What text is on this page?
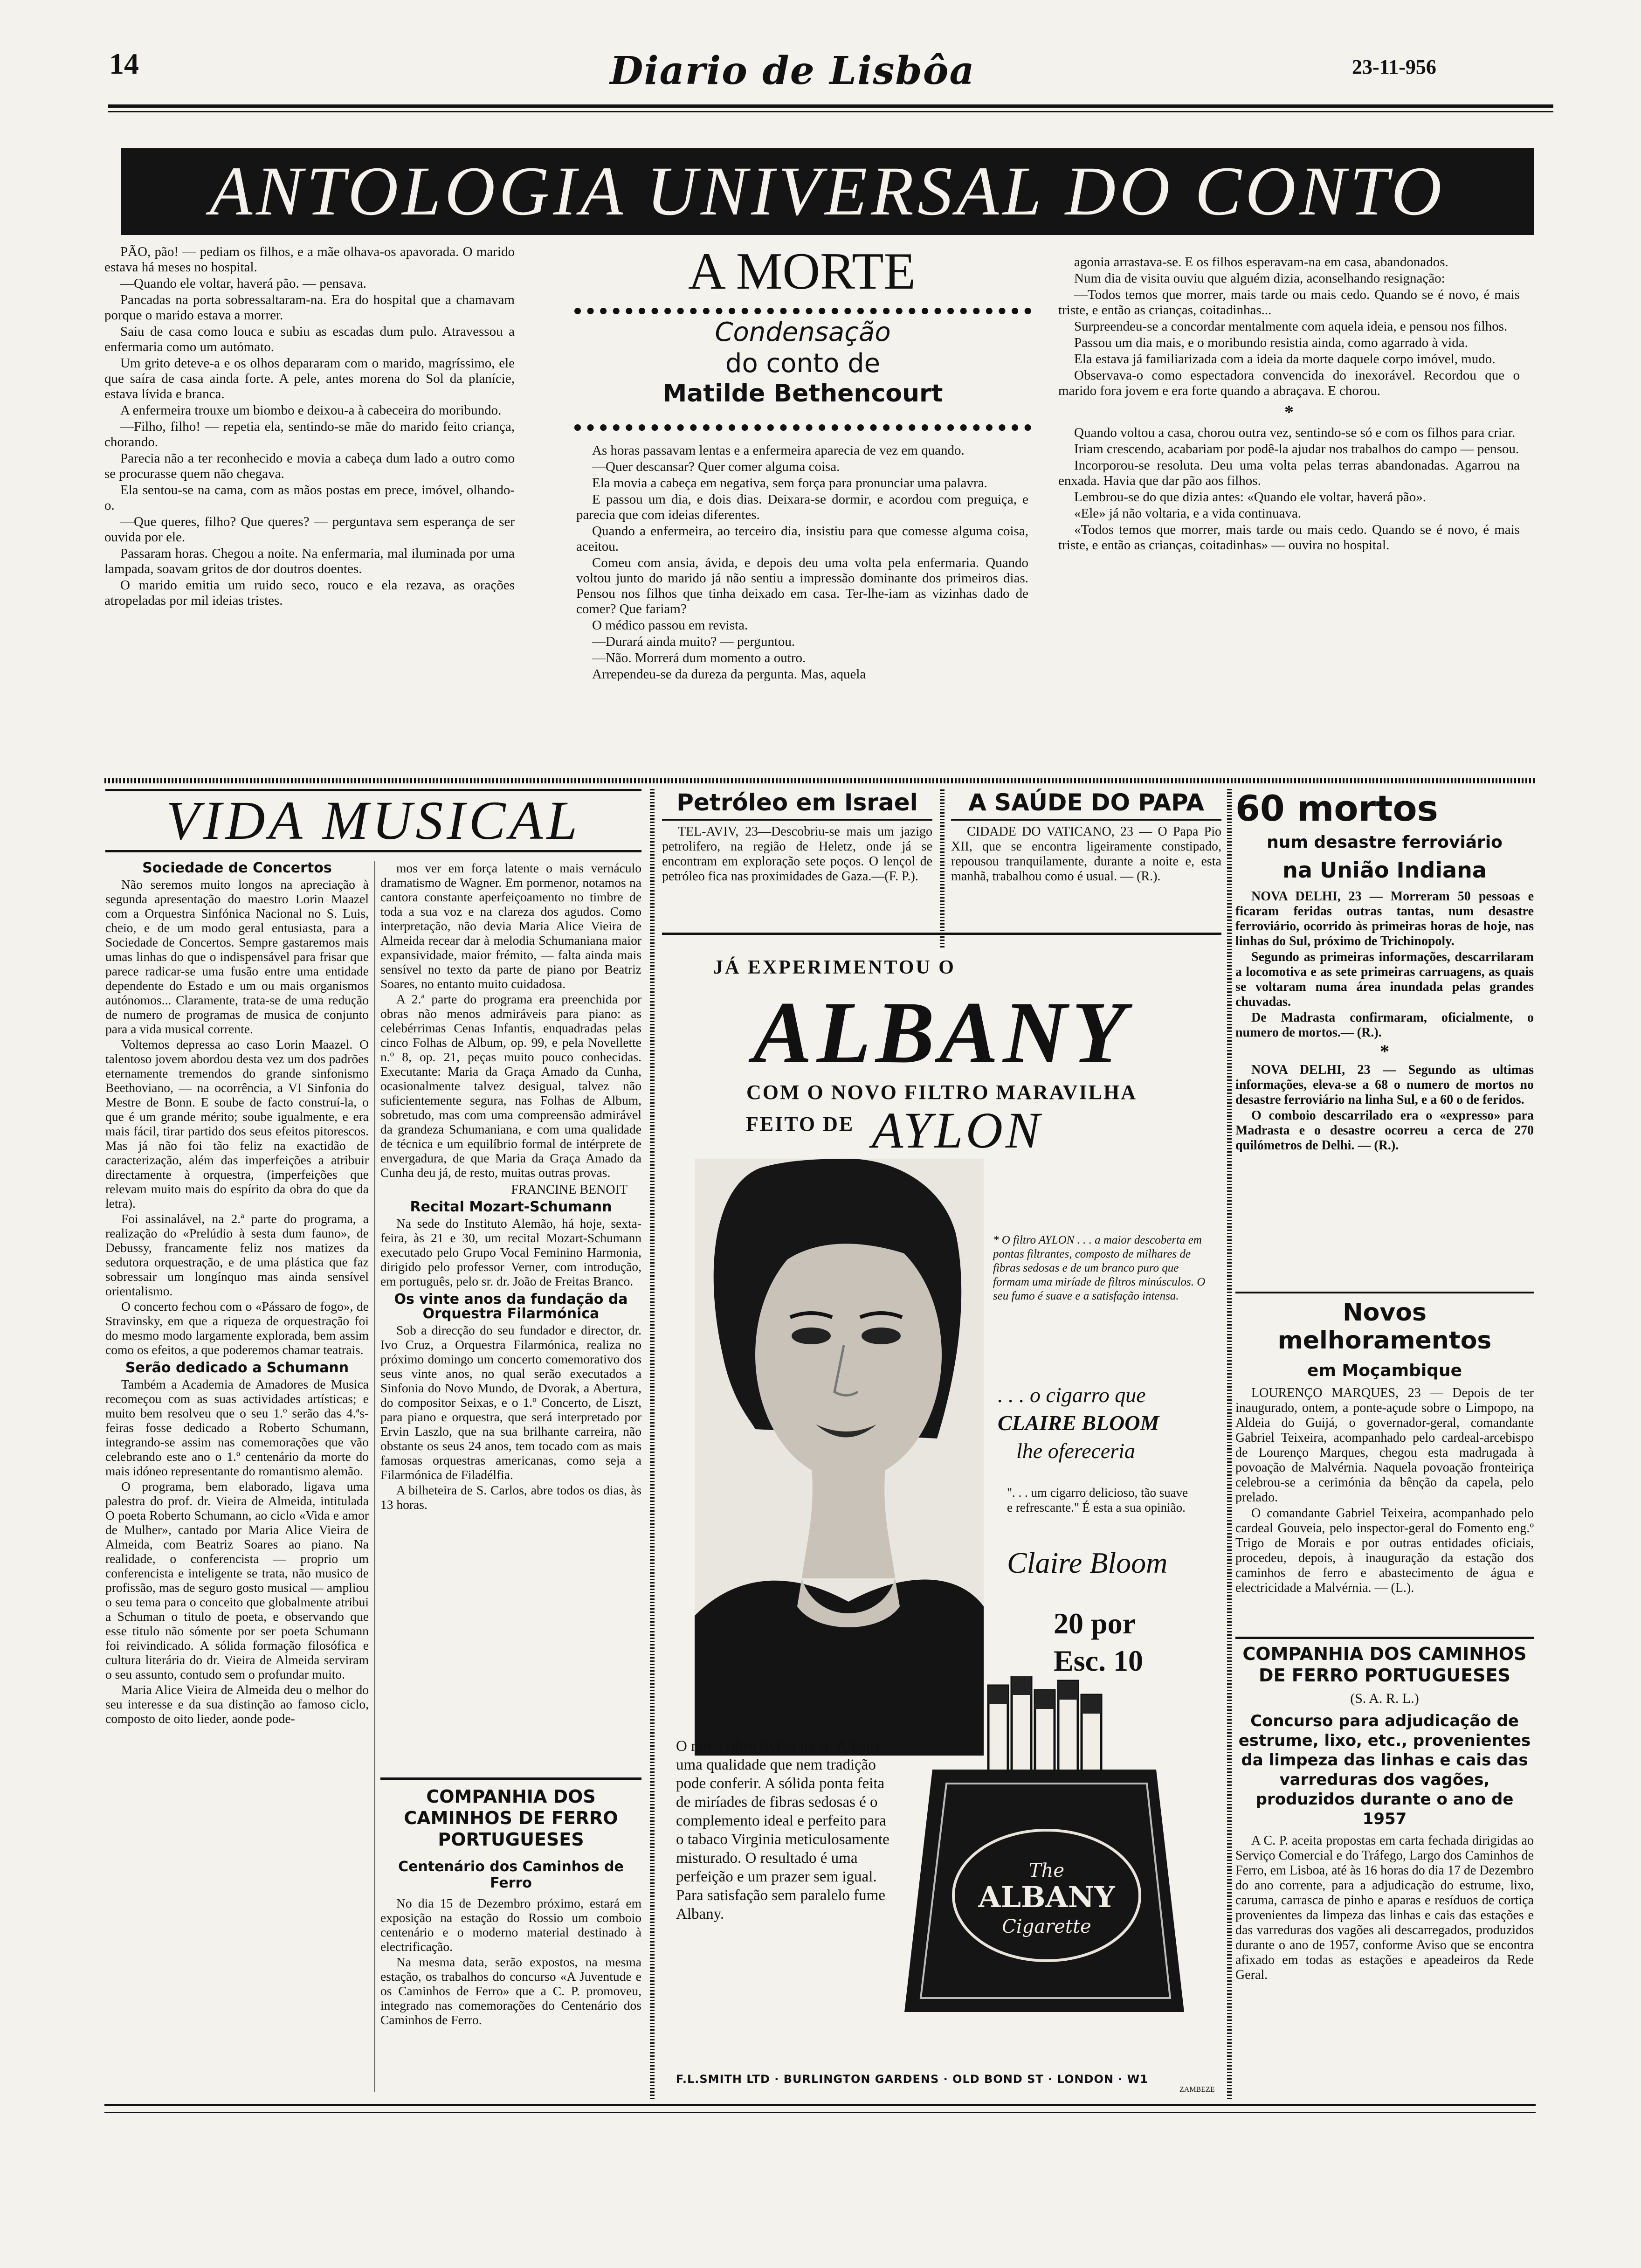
14	Diario de Lisbôa	23-11-956
ANTOLOGIA UNIVERSAL DO CONTO

PÃO, pão! — pediam os filhos, e a mãe olhava-os apavorada. O marido estava há meses no hospital.

—Quando ele voltar, haverá pão. — pensava.

Pancadas na porta sobressaltaram-na. Era do hospital que a chamavam porque o marido estava a morrer.

Saiu de casa como louca e subiu as escadas dum pulo. Atravessou a enfermaria como um autómato.

Um grito deteve-a e os olhos depararam com o marido, magríssimo, ele que saíra de casa ainda forte. A pele, antes morena do Sol da planície, estava lívida e branca.

A enfermeira trouxe um biombo e deixou-a à cabeceira do moribundo.

—Filho, filho! — repetia ela, sentindo-se mãe do marido feito criança, chorando.

Parecia não a ter reconhecido e movia a cabeça dum lado a outro como se procurasse quem não chegava.

Ela sentou-se na cama, com as mãos postas em prece, imóvel, olhando-o.

—Que queres, filho? Que queres? — perguntava sem esperança de ser ouvida por ele.

Passaram horas. Chegou a noite. Na enfermaria, mal iluminada por uma lampada, soavam gritos de dor doutros doentes.

O marido emitia um ruido seco, rouco e ela rezava, as orações atropeladas por mil ideias tristes.

A MORTE
Condensação
do conto de
Matilde Bethencourt

As horas passavam lentas e a enfermeira aparecia de vez em quando.

—Quer descansar? Quer comer alguma coisa.

Ela movia a cabeça em negativa, sem força para pronunciar uma palavra.

E passou um dia, e dois dias. Deixara-se dormir, e acordou com preguiça, e parecia que com ideias diferentes.

Quando a enfermeira, ao terceiro dia, insistiu para que comesse alguma coisa, aceitou.

Comeu com ansia, ávida, e depois deu uma volta pela enfermaria. Quando voltou junto do marido já não sentiu a impressão dominante dos primeiros dias. Pensou nos filhos que tinha deixado em casa. Ter-lhe-iam as vizinhas dado de comer? Que fariam?

O médico passou em revista.

—Durará ainda muito? — perguntou.

—Não. Morrerá dum momento a outro.

Arrependeu-se da dureza da pergunta. Mas, aquela

agonia arrastava-se. E os filhos esperavam-na em casa, abandonados.

Num dia de visita ouviu que alguém dizia, aconselhando resignação:

—Todos temos que morrer, mais tarde ou mais cedo. Quando se é novo, é mais triste, e então as crianças, coitadinhas...

Surpreendeu-se a concordar mentalmente com aquela ideia, e pensou nos filhos.

Passou um dia mais, e o moribundo resistia ainda, como agarrado à vida.

Ela estava já familiarizada com a ideia da morte daquele corpo imóvel, mudo.

Observava-o como espectadora convencida do inexorável. Recordou que o marido fora jovem e era forte quando a abraçava. E chorou.

*

Quando voltou a casa, chorou outra vez, sentindo-se só e com os filhos para criar.

Iriam crescendo, acabariam por podê-la ajudar nos trabalhos do campo — pensou.

Incorporou-se resoluta. Deu uma volta pelas terras abandonadas. Agarrou na enxada. Havia que dar pão aos filhos.

Lembrou-se do que dizia antes: «Quando ele voltar, haverá pão».

«Ele» já não voltaria, e a vida continuava.

«Todos temos que morrer, mais tarde ou mais cedo. Quando se é novo, é mais triste, e então as crianças, coitadinhas» — ouvira no hospital.

VIDA MUSICAL
Sociedade de Concertos

Não seremos muito longos na apreciação à segunda apresentação do maestro Lorin Maazel com a Orquestra Sinfónica Nacional no S. Luis, cheio, e de um modo geral entusiasta, para a Sociedade de Concertos. Sempre gastaremos mais umas linhas do que o indispensável para frisar que parece radicar-se uma fusão entre uma entidade dependente do Estado e um ou mais organismos autónomos... Claramente, trata-se de uma redução de numero de programas de musica de conjunto para a vida musical corrente.

Voltemos depressa ao caso Lorin Maazel. O talentoso jovem abordou desta vez um dos padrões eternamente tremendos do grande sinfonismo Beethoviano, — na ocorrência, a VI Sinfonia do Mestre de Bonn. E soube de facto construí-la, o que é um grande mérito; soube igualmente, e era mais fácil, tirar partido dos seus efeitos pitorescos. Mas já não foi tão feliz na exactidão de caracterização, além das imperfeições a atribuir directamente à orquestra, (imperfeições que relevam muito mais do espírito da obra do que da letra).

Foi assinalável, na 2.ª parte do programa, a realização do «Prelúdio à sesta dum fauno», de Debussy, francamente feliz nos matizes da sedutora orquestração, e de uma plástica que faz sobressair um longínquo mas ainda sensível orientalismo.

O concerto fechou com o «Pássaro de fogo», de Stravinsky, em que a riqueza de orquestração foi do mesmo modo largamente explorada, bem assim como os efeitos, a que poderemos chamar teatrais.

Serão dedicado a Schumann

Também a Academia de Amadores de Musica recomeçou com as suas actividades artísticas; e muito bem resolveu que o seu 1.º serão das 4.ªs-feiras fosse dedicado a Roberto Schumann, integrando-se assim nas comemorações que vão celebrando este ano o 1.º centenário da morte do mais idóneo representante do romantismo alemão.

O programa, bem elaborado, ligava uma palestra do prof. dr. Vieira de Almeida, intitulada O poeta Roberto Schumann, ao ciclo «Vida e amor de Mulher», cantado por Maria Alice Vieira de Almeida, com Beatriz Soares ao piano. Na realidade, o conferencista — proprio um conferencista e inteligente se trata, não musico de profissão, mas de seguro gosto musical — ampliou o seu tema para o conceito que globalmente atribui a Schuman o titulo de poeta, e observando que esse titulo não sómente por ser poeta Schumann foi reivindicado. A sólida formação filosófica e cultura literária do dr. Vieira de Almeida serviram o seu assunto, contudo sem o profundar muito.

Maria Alice Vieira de Almeida deu o melhor do seu interesse e da sua distinção ao famoso ciclo, composto de oito lieder, aonde pode-

mos ver em força latente o mais vernáculo dramatismo de Wagner. Em pormenor, notamos na cantora constante aperfeiçoamento no timbre de toda a sua voz e na clareza dos agudos. Como interpretação, não devia Maria Alice Vieira de Almeida recear dar à melodia Schumaniana maior expansividade, maior frémito, — falta ainda mais sensível no texto da parte de piano por Beatriz Soares, no entanto muito cuidadosa.

A 2.ª parte do programa era preenchida por obras não menos admiráveis para piano: as celebérrimas Cenas Infantis, enquadradas pelas cinco Folhas de Album, op. 99, e pela Novellette n.º 8, op. 21, peças muito pouco conhecidas. Executante: Maria da Graça Amado da Cunha, ocasionalmente talvez desigual, talvez não suficientemente segura, nas Folhas de Album, sobretudo, mas com uma compreensão admirável da grandeza Schumaniana, e com uma qualidade de técnica e um equilíbrio formal de intérprete de envergadura, de que Maria da Graça Amado da Cunha deu já, de resto, muitas outras provas.

FRANCINE BENOIT
Recital Mozart-Schumann

Na sede do Instituto Alemão, há hoje, sexta-feira, às 21 e 30, um recital Mozart-Schumann executado pelo Grupo Vocal Feminino Harmonia, dirigido pelo professor Verner, com introdução, em português, pelo sr. dr. João de Freitas Branco.

Os vinte anos da fundação da Orquestra Filarmónica

Sob a direcção do seu fundador e director, dr. Ivo Cruz, a Orquestra Filarmónica, realiza no próximo domingo um concerto comemorativo dos seus vinte anos, no qual serão executados a Sinfonia do Novo Mundo, de Dvorak, a Abertura, do compositor Seixas, e o 1.º Concerto, de Liszt, para piano e orquestra, que será interpretado por Ervin Laszlo, que na sua brilhante carreira, não obstante os seus 24 anos, tem tocado com as mais famosas orquestras americanas, como seja a Filarmónica de Filadélfia.

A bilheteira de S. Carlos, abre todos os dias, às 13 horas.

COMPANHIA DOS CAMINHOS DE FERRO PORTUGUESES
Centenário dos Caminhos de Ferro

No dia 15 de Dezembro próximo, estará em exposição na estação do Rossio um comboio centenário e o moderno material destinado à electrificação.

Na mesma data, serão expostos, na mesma estação, os trabalhos do concurso «A Juventude e os Caminhos de Ferro» que a C. P. promoveu, integrado nas comemorações do Centenário dos Caminhos de Ferro.

Petróleo em Israel

TEL-AVIV, 23—Descobriu-se mais um jazigo petrolifero, na região de Heletz, onde já se encontram em exploração sete poços. O lençol de petróleo fica nas proximidades de Gaza.—(F. P.).

A SAÚDE DO PAPA

CIDADE DO VATICANO, 23 — O Papa Pio XII, que se encontra ligeiramente constipado, repousou tranquilamente, durante a noite e, esta manhã, trabalhou como é usual. — (R.).

JÁ EXPERIMENTOU O
ALBANY
COM O NOVO FILTRO MARAVILHA
FEITO DE AYLON
* O filtro AYLON . . . a maior descoberta em pontas filtrantes, composto de milhares de fibras sedosas e de um branco puro que formam uma miríade de filtros minúsculos. O seu fumo é suave e a satisfação intensa.
. . . o cigarro que
CLAIRE BLOOM
lhe ofereceria
". . . um cigarro delicioso, tão suave e refrescante." É esta a sua opinião.
Claire Bloom
20 por
Esc. 10
O novo filtro Aylon dá ao Albany uma qualidade que nem tradição pode conferir. A sólida ponta feita de miríades de fibras sedosas é o complemento ideal e perfeito para o tabaco Virginia meticulosamente misturado. O resultado é uma perfeição e um prazer sem igual. Para satisfação sem paralelo fume Albany.
The
ALBANY
Cigarette
F.L.SMITH LTD · BURLINGTON GARDENS · OLD BOND ST · LONDON · W1
ZAMBEZE
60 mortos
num desastre ferroviário
na União Indiana

NOVA DELHI, 23 — Morreram 50 pessoas e ficaram feridas outras tantas, num desastre ferroviário, ocorrido às primeiras horas de hoje, nas linhas do Sul, próximo de Trichinopoly.

Segundo as primeiras informações, descarrilaram a locomotiva e as sete primeiras carruagens, as quais se voltaram numa área inundada pelas grandes chuvadas.

De Madrasta confirmaram, oficialmente, o numero de mortos.— (R.).

*

NOVA DELHI, 23 — Segundo as ultimas informações, eleva-se a 68 o numero de mortos no desastre ferroviário na linha Sul, e a 60 o de feridos.

O comboio descarrilado era o «expresso» para Madrasta e o desastre ocorreu a cerca de 270 quilómetros de Delhi. — (R.).

Novos melhoramentos
em Moçambique

LOURENÇO MARQUES, 23 — Depois de ter inaugurado, ontem, a ponte-açude sobre o Limpopo, na Aldeia do Guijá, o governador-geral, comandante Gabriel Teixeira, acompanhado pelo cardeal-arcebispo de Lourenço Marques, chegou esta madrugada à povoação de Malvérnia. Naquela povoação fronteiriça celebrou-se a cerimónia da bênção da capela, pelo prelado.

O comandante Gabriel Teixeira, acompanhado pelo cardeal Gouveia, pelo inspector-geral do Fomento eng.º Trigo de Morais e por outras entidades oficiais, procedeu, depois, à inauguração da estação dos caminhos de ferro e abastecimento de água e electricidade a Malvérnia. — (L.).

COMPANHIA DOS CAMINHOS DE FERRO PORTUGUESES
(S. A. R. L.)
Concurso para adjudicação de estrume, lixo, etc., provenientes da limpeza das linhas e cais das varreduras dos vagões, produzidos durante o ano de 1957

A C. P. aceita propostas em carta fechada dirigidas ao Serviço Comercial e do Tráfego, Largo dos Caminhos de Ferro, em Lisboa, até às 16 horas do dia 17 de Dezembro do ano corrente, para a adjudicação do estrume, lixo, caruma, carrasca de pinho e aparas e resíduos de cortiça provenientes da limpeza das linhas e cais das estações e das varreduras dos vagões ali descarregados, produzidos durante o ano de 1957, conforme Aviso que se encontra afixado em todas as estações e apeadeiros da Rede Geral.
